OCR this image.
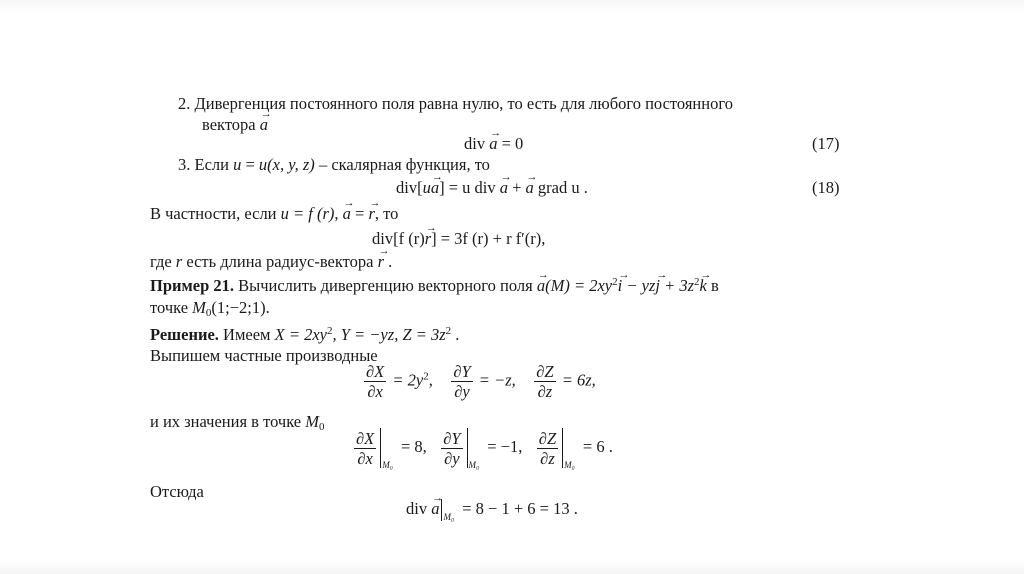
2. Дивергенция постоянного поля равна нулю, то есть для любого постоянного
вектора → a
div → a = 0	(17)
3. Если u = u(x, y, z) – скалярная функция, то
div[u→ a] = u div → a + → a grad u .	(18)
В частности, если u = f (r), → a = → r, то
div[f (r)→ r] = 3f (r) + r f′(r),
где r есть длина радиус-вектора → r .
Пример 21. Вычислить дивергенцию векторного поля → $a(M) = 2xy^2\to i - yz\to j + 3z^2\to k$ в
точке $M_0(1;-2;1)$.
Решение. Имеем $X = 2xy^2$, Y = −yz, $Z = 3z^2$ .
Выпишем частные производные
$\frac{\partial X}{\partial x} = 2y^2$, $\frac{\partial Y}{\partial y} = -z$, $\frac{\partial Z}{\partial z} = 6z$,
и их значения в точке $M_0$
$\frac{\partial X}{\partial x} _{M_0} = 8$, $\frac{\partial Y}{\partial y} _{M_0} = -1$, $\frac{\partial Z}{\partial z} _{M_0} = 6$ .
Отсюда
div → a $_{M_0}$ = 8 − 1 + 6 = 13 .
